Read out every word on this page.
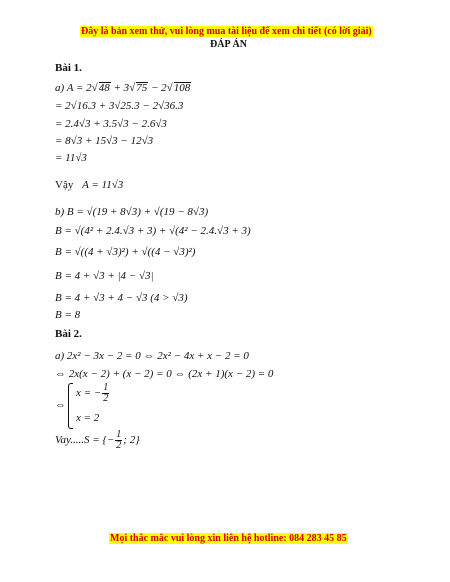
Đây là bản xem thử, vui lòng mua tài liệu để xem chi tiết (có lời giải)
ĐÁP ÁN
Bài 1.
a) A = 2 √ 48 + 3 √ 75 − 2 √ 108
= 2√16.3 + 3√25.3 − 2√36.3
= 2.4√3 + 3.5√3 − 2.6√3
= 8√3 + 15√3 − 12√3
= 11√3
Vậy A = 11√3
b) B = √(19 + 8√3) + √(19 − 8√3)
B = √(4² + 2.4.√3 + 3) + √(4² − 2.4.√3 + 3)
B = √((4 + √3)²) + √((4 − √3)²)
B = 4 + √3 + |4 − √3|
B = 4 + √3 + 4 − √3 (4 > √3)
B = 8
Bài 2.
a) 2x² − 3x − 2 = 0 ⇔ 2x² − 4x + x − 2 = 0
⇔ 2x(x − 2) + (x − 2) = 0 ⇔ (2x + 1)(x − 2) = 0
⇔
x = − $\frac{1}{2}$
x = 2
Vay.....S = {− $\frac{1}{2}$ ; 2}
Mọi thắc mắc vui lòng xin liên hệ hotline: 084 283 45 85
